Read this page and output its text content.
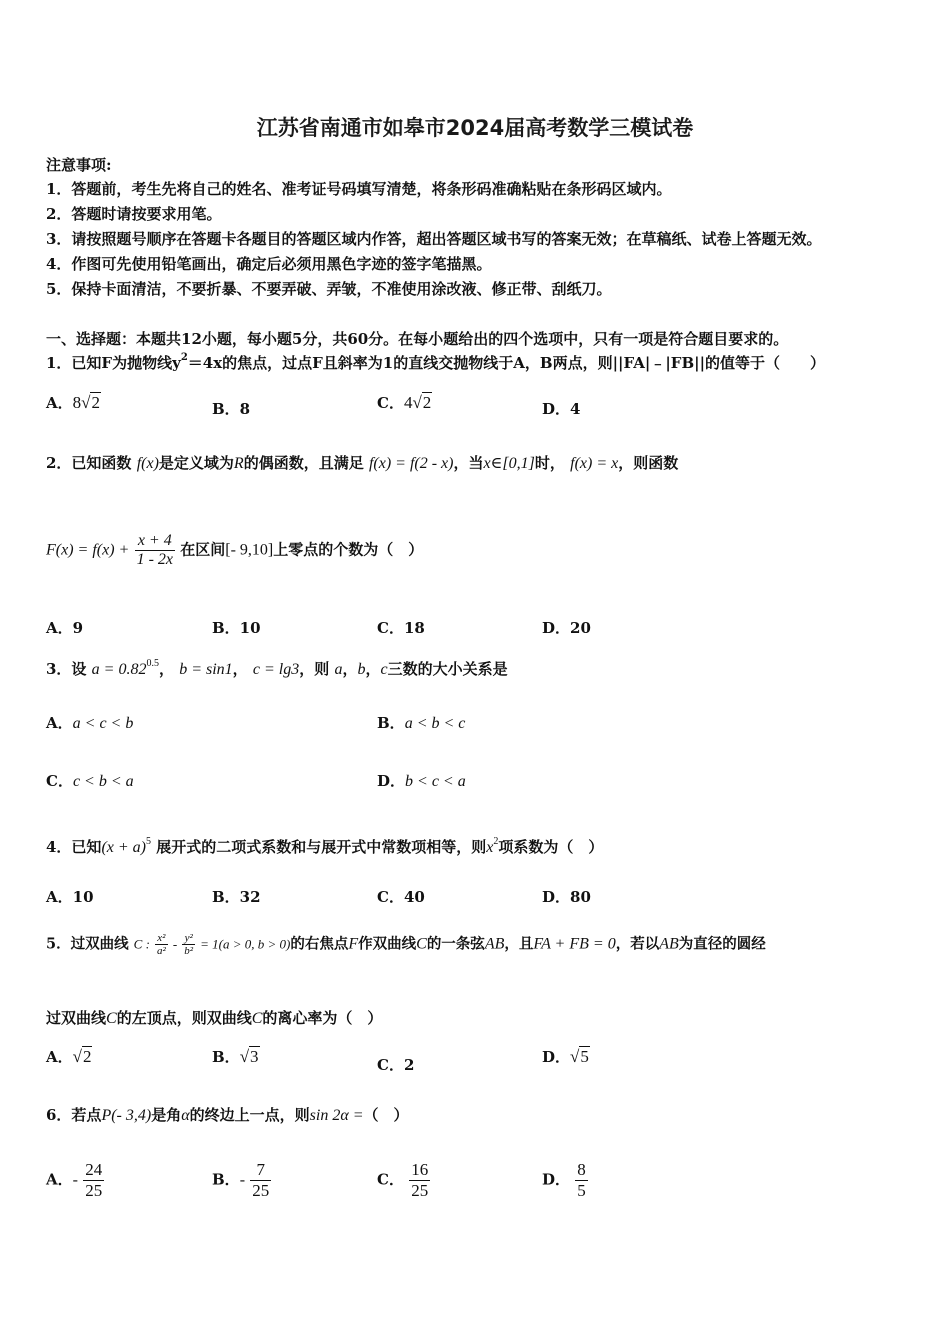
江苏省南通市如皋市2024届高考数学三模试卷
注意事项:
1．答题前，考生先将自己的姓名、准考证号码填写清楚，将条形码准确粘贴在条形码区域内。
2．答题时请按要求用笔。
3．请按照题号顺序在答题卡各题目的答题区域内作答，超出答题区域书写的答案无效；在草稿纸、试卷上答题无效。
4．作图可先使用铅笔画出，确定后必须用黑色字迹的签字笔描黑。
5．保持卡面清洁，不要折暴、不要弄破、弄皱，不准使用涂改液、修正带、刮纸刀。
一、选择题：本题共12小题，每小题5分，共60分。在每小题给出的四个选项中，只有一项是符合题目要求的。
1．已知F为抛物线$y^2=4x$的焦点，过点F且斜率为1的直线交抛物线于A，B两点，则||FA|﹣|FB||的值等于（　　）
A．8√2	B．8	C．4√2	D．4
2．已知函数 f(x)是定义域为R的偶函数，且满足 f(x) = f(2 - x)，当x∈[0,1]时， f(x) = x，则函数
$F(x) = f(x) + \frac{x + 4}{1 - 2x}$ 在区间[- 9,10]上零点的个数为（　）
A．9	B．10	C．18	D．20
3．设 $a = 0.82^{0.5}$， b = sin1， c = lg3，则 a，b，c三数的大小关系是
A．a < c < b	B．a < b < c
C．c < b < a	D．b < c < a
4．已知$(x + a)^5$ 展开式的二项式系数和与展开式中常数项相等，则$x^2$项系数为（　）
A．10	B．32	C．40	D．80
5．过双曲线 C : $\frac{\text{x²}}{\text{a²}} - \frac{\text{y²}}{\text{b²}} = 1(a > 0$, b > 0)的右焦点F作双曲线C的一条弦AB，且FA + FB = 0，若以AB为直径的圆经
过双曲线C的左顶点，则双曲线C的离心率为（　）
A．√2	B．√3	C．2	D．√5
6．若点P(- 3,4)是角α的终边上一点，则sin 2α =（　）
A．- $\frac{24}{25}$	B．- $\frac{7}{25}$	C． $\frac{16}{25}$	D． $\frac{8}{5}$
